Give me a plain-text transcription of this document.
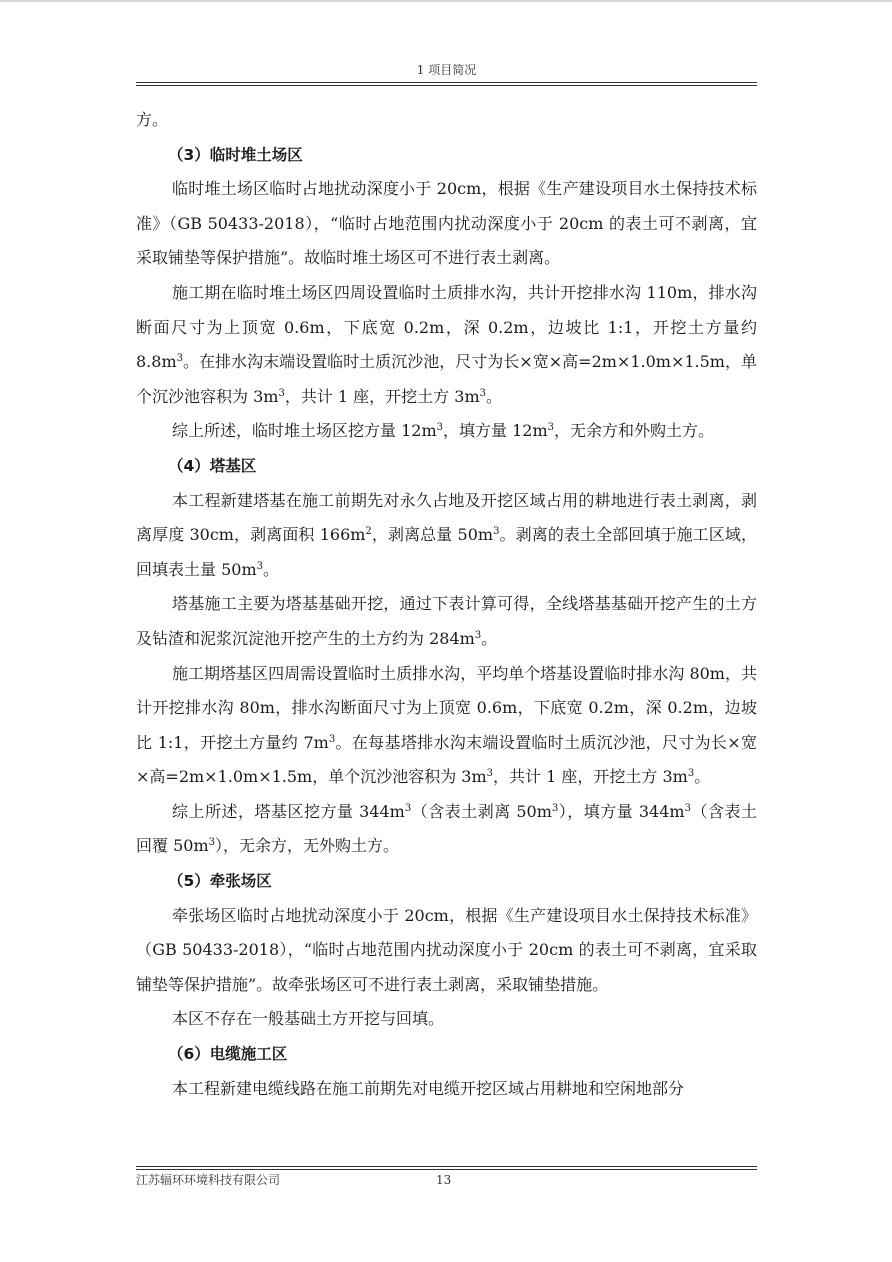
1 项目简况

方。

（3）临时堆土场区

临时堆土场区临时占地扰动深度小于 20cm，根据《生产建设项目水土保持技术标准》（GB 50433-2018），“临时占地范围内扰动深度小于 20cm 的表土可不剥离，宜采取铺垫等保护措施”。故临时堆土场区可不进行表土剥离。

施工期在临时堆土场区四周设置临时土质排水沟，共计开挖排水沟 110m，排水沟断面尺寸为上顶宽 0.6m，下底宽 0.2m，深 0.2m，边坡比 1:1，开挖土方量约 $8.8m^3$。在排水沟末端设置临时土质沉沙池，尺寸为长×宽×高=2m×1.0m×1.5m，单个沉沙池容积为 $3m^3$，共计 1 座，开挖土方 $3m^3$。

综上所述，临时堆土场区挖方量 $12m^3$，填方量 $12m^3$，无余方和外购土方。

（4）塔基区

本工程新建塔基在施工前期先对永久占地及开挖区域占用的耕地进行表土剥离，剥离厚度 30cm，剥离面积 $166m^2$，剥离总量 $50m^3$。剥离的表土全部回填于施工区域，回填表土量 $50m^3$。

塔基施工主要为塔基基础开挖，通过下表计算可得，全线塔基基础开挖产生的土方及钻渣和泥浆沉淀池开挖产生的土方约为 $284m^3$。

施工期塔基区四周需设置临时土质排水沟，平均单个塔基设置临时排水沟 80m，共计开挖排水沟 80m，排水沟断面尺寸为上顶宽 0.6m，下底宽 0.2m，深 0.2m，边坡比 1:1，开挖土方量约 $7m^3$。在每基塔排水沟末端设置临时土质沉沙池，尺寸为长×宽×高=2m×1.0m×1.5m，单个沉沙池容积为 $3m^3$，共计 1 座，开挖土方 $3m^3$。

综上所述，塔基区挖方量 $344m^3$（含表土剥离 $50m^3$），填方量 $344m^3$（含表土回覆 $50m^3$），无余方，无外购土方。

（5）牵张场区

牵张场区临时占地扰动深度小于 20cm，根据《生产建设项目水土保持技术标准》（GB 50433-2018），“临时占地范围内扰动深度小于 20cm 的表土可不剥离，宜采取铺垫等保护措施”。故牵张场区可不进行表土剥离，采取铺垫措施。

本区不存在一般基础土方开挖与回填。

（6）电缆施工区

本工程新建电缆线路在施工前期先对电缆开挖区域占用耕地和空闲地部分

江苏辐环环境科技有限公司	13
